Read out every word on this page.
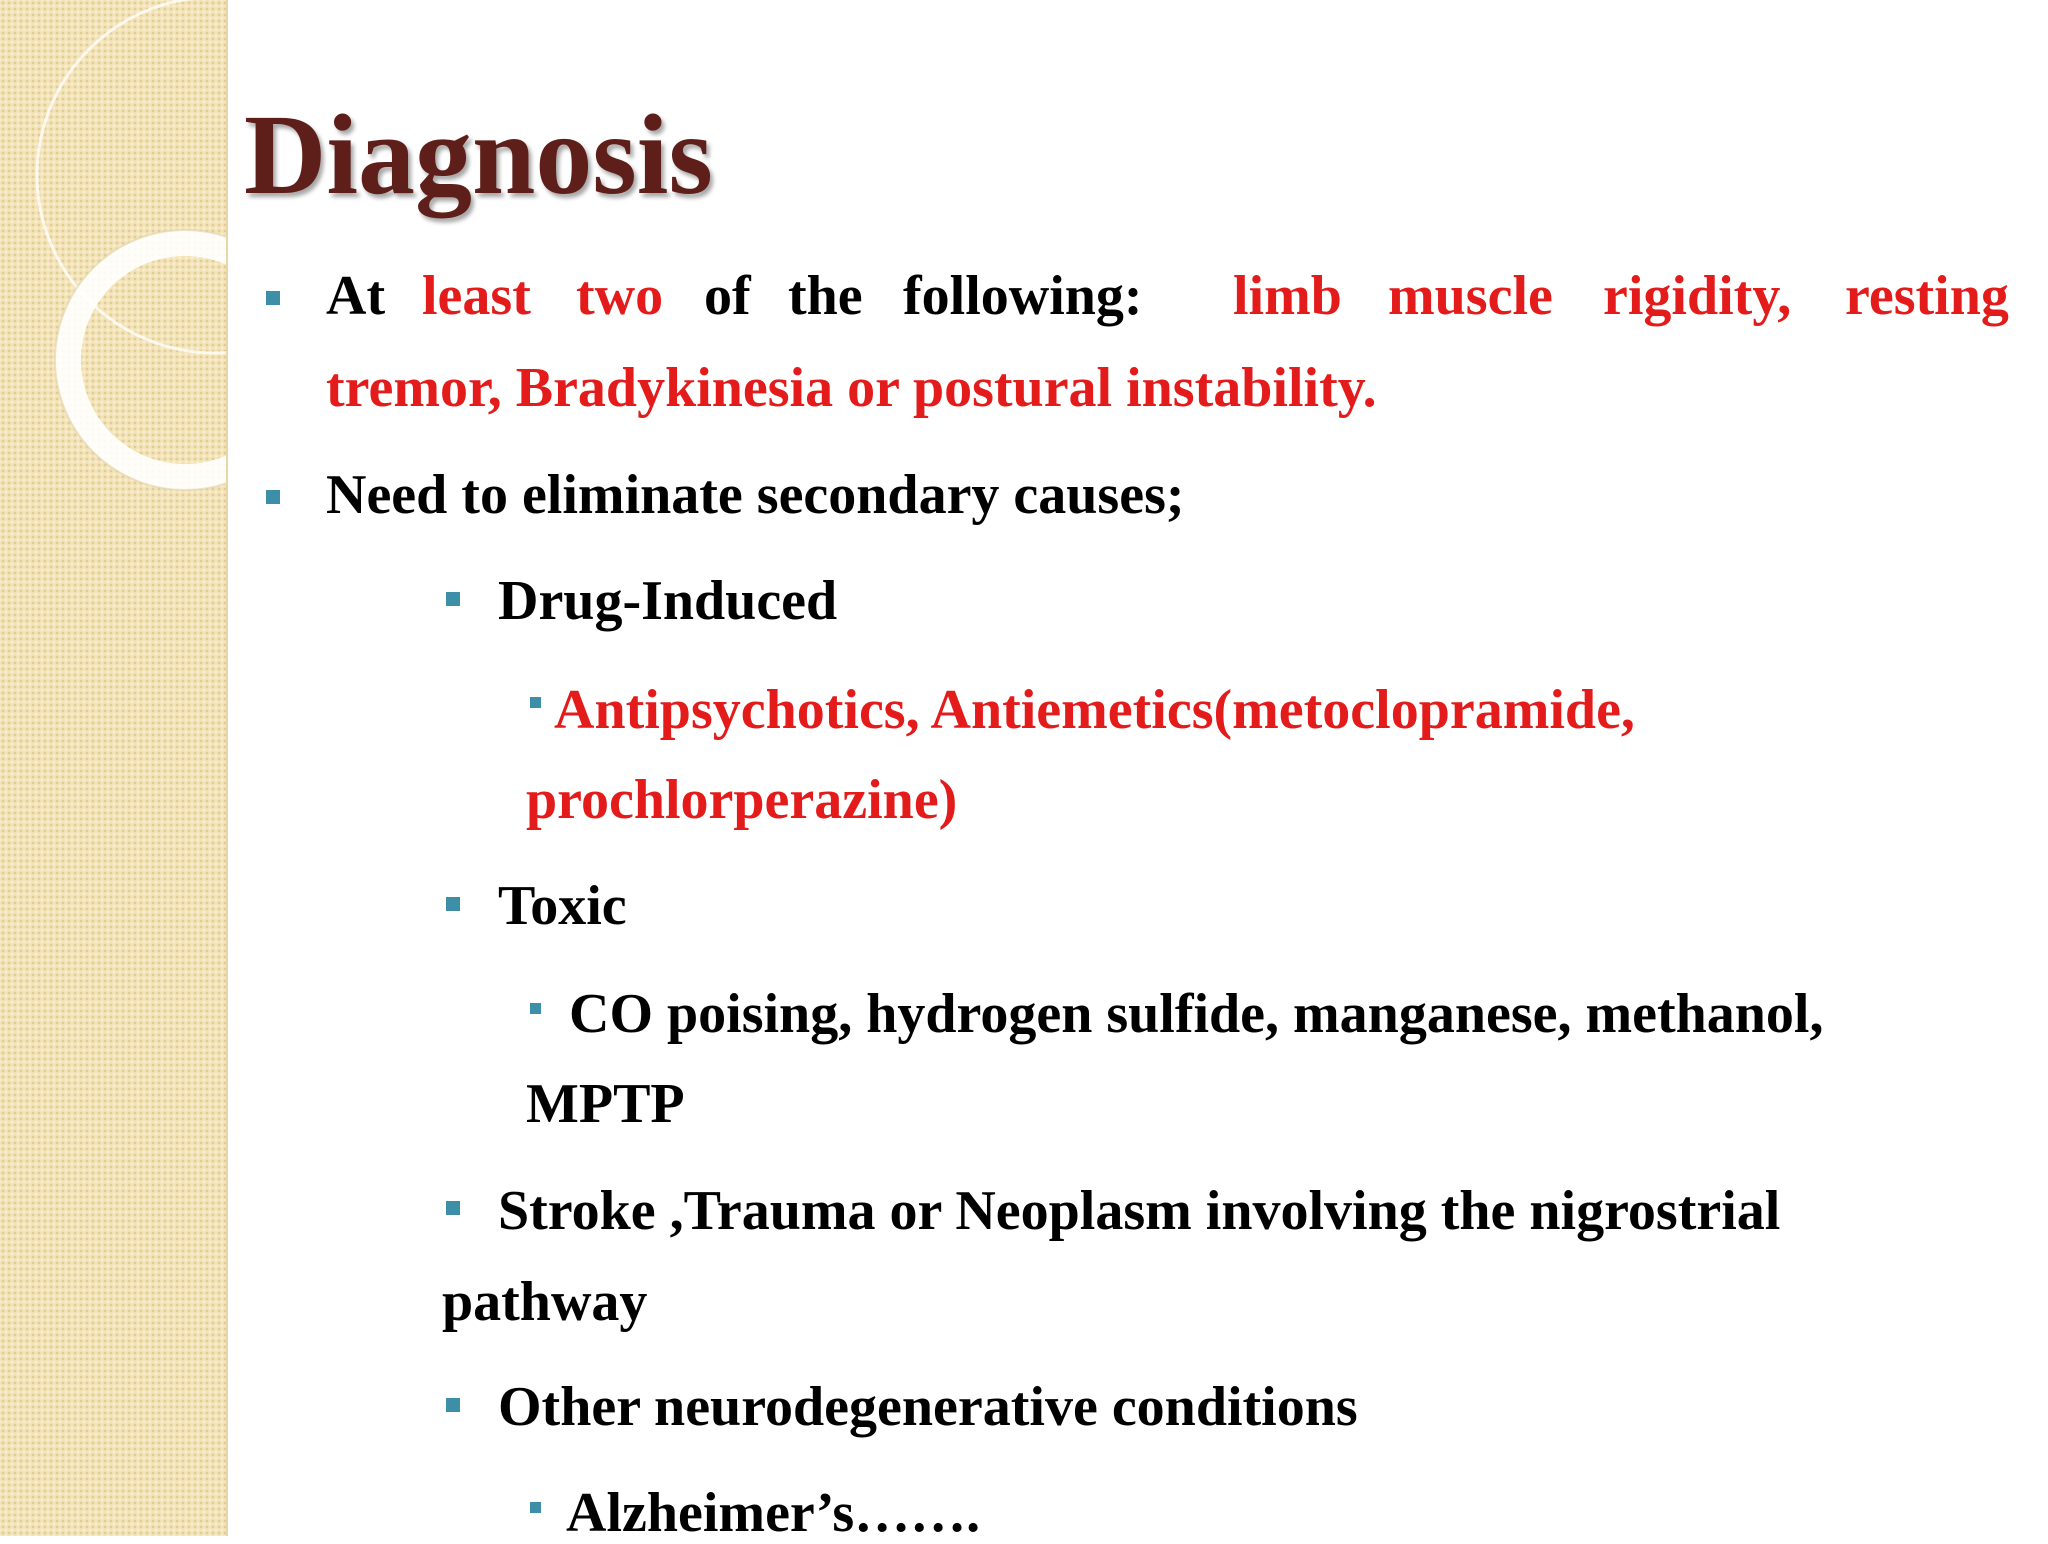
Diagnosis
At least two of the following: limb muscle rigidity, resting
tremor, Bradykinesia or postural instability.
Need to eliminate secondary causes;
Drug-Induced
Antipsychotics, Antiemetics(metoclopramide,
prochlorperazine)
Toxic
CO poising, hydrogen sulfide, manganese, methanol,
MPTP
Stroke ,Trauma or Neoplasm involving the nigrostrial
pathway
Other neurodegenerative conditions
Alzheimer’s…….
